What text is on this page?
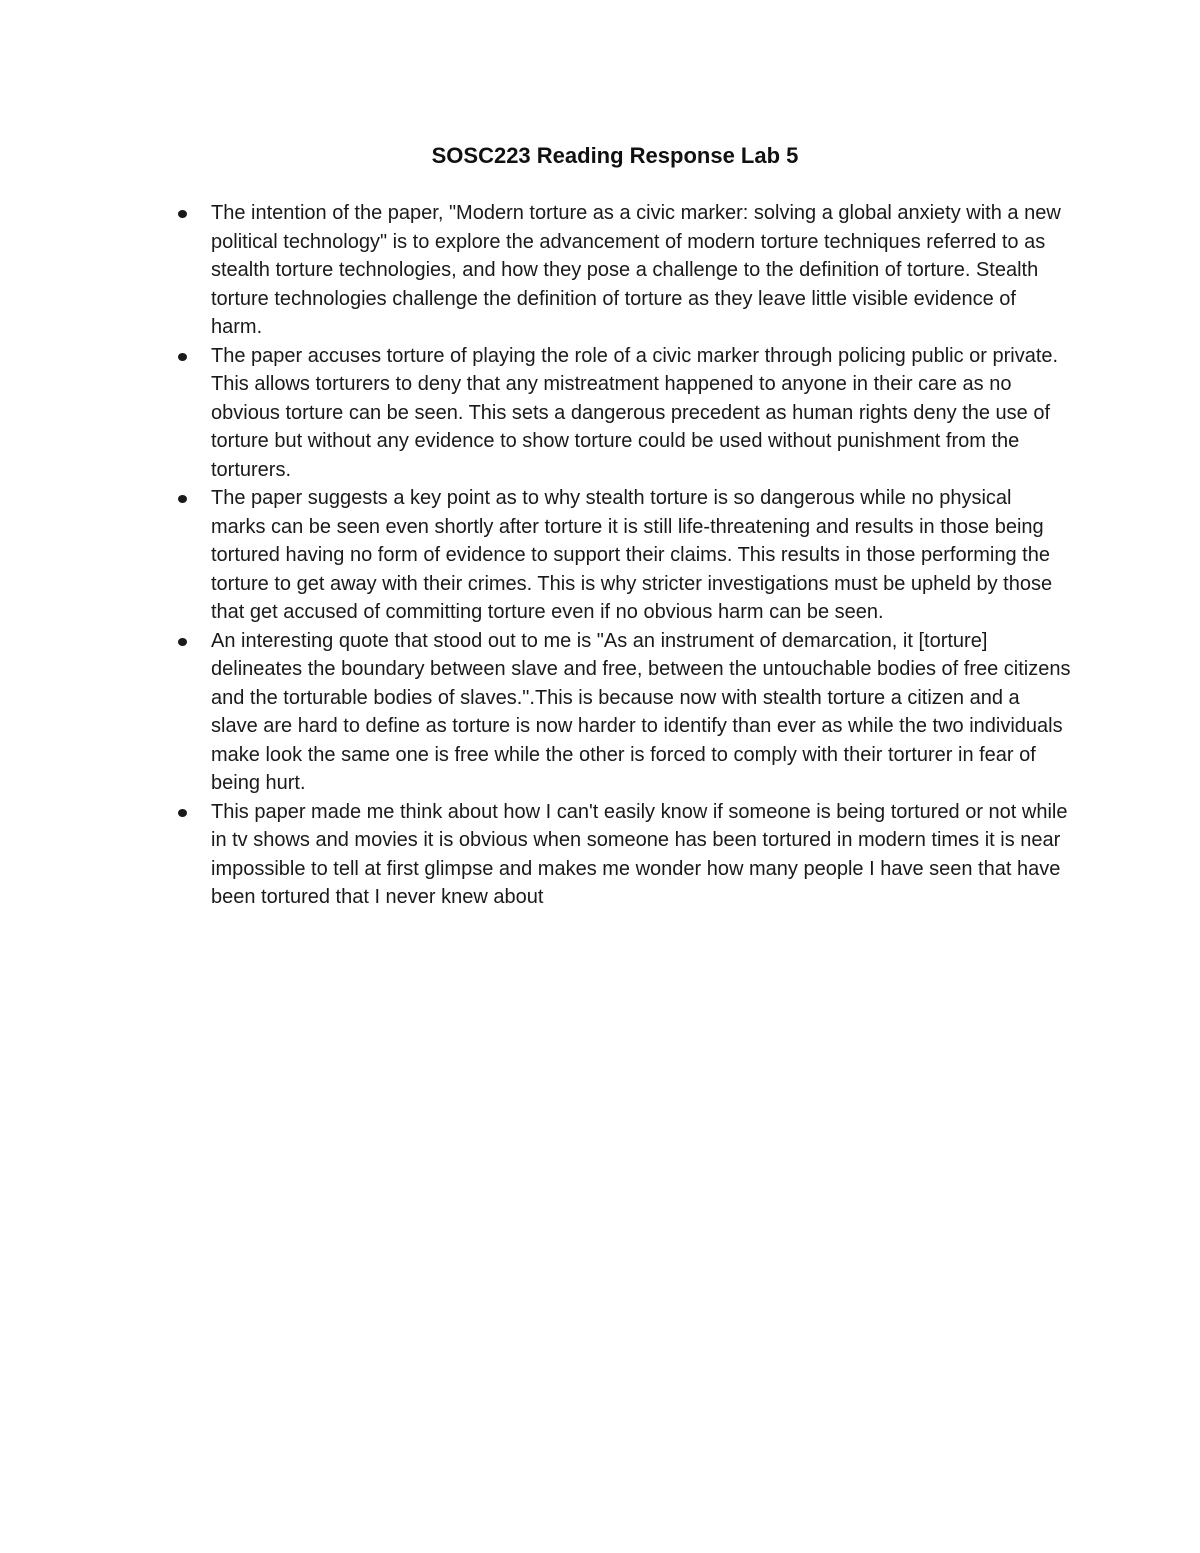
SOSC223 Reading Response Lab 5
The intention of the paper, "Modern torture as a civic marker: solving a global anxiety with a new political technology" is to explore the advancement of modern torture techniques referred to as stealth torture technologies, and how they pose a challenge to the definition of torture. Stealth torture technologies challenge the definition of torture as they leave little visible evidence of harm.
The paper accuses torture of playing the role of a civic marker through policing public or private. This allows torturers to deny that any mistreatment happened to anyone in their care as no obvious torture can be seen. This sets a dangerous precedent as human rights deny the use of torture but without any evidence to show torture could be used without punishment from the torturers.
The paper suggests a key point as to why stealth torture is so dangerous while no physical marks can be seen even shortly after torture it is still life-threatening and results in those being tortured having no form of evidence to support their claims. This results in those performing the torture to get away with their crimes. This is why stricter investigations must be upheld by those that get accused of committing torture even if no obvious harm can be seen.
An interesting quote that stood out to me is "As an instrument of demarcation, it [torture] delineates the boundary between slave and free, between the untouchable bodies of free citizens and the torturable bodies of slaves.".This is because now with stealth torture a citizen and a slave are hard to define as torture is now harder to identify than ever as while the two individuals make look the same one is free while the other is forced to comply with their torturer in fear of being hurt.
This paper made me think about how I can't easily know if someone is being tortured or not while in tv shows and movies it is obvious when someone has been tortured in modern times it is near impossible to tell at first glimpse and makes me wonder how many people I have seen that have been tortured that I never knew about
